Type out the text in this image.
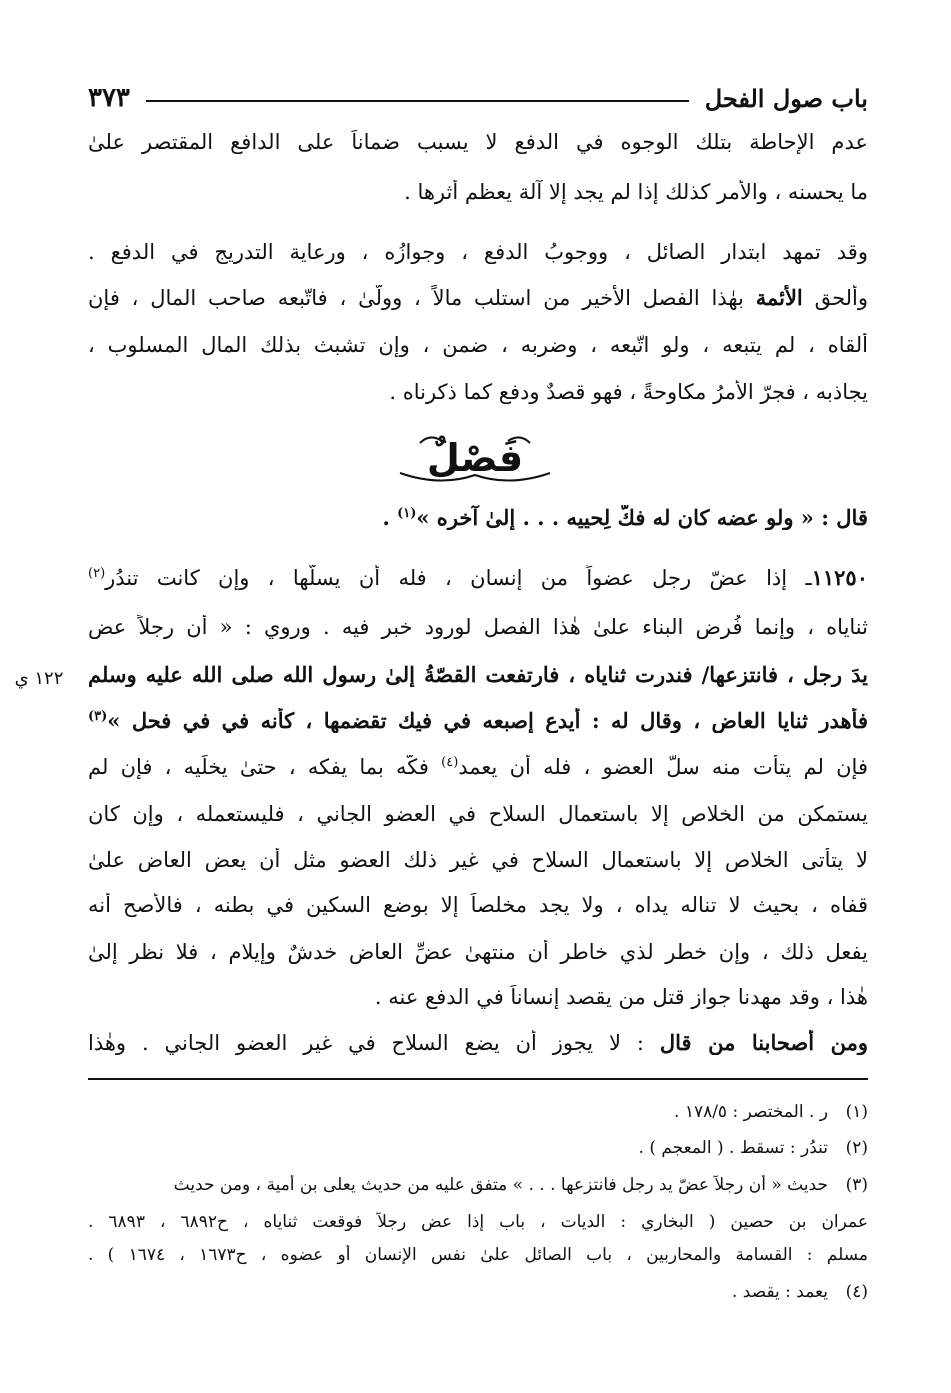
باب صول الفحل
٣٧٣
١٢٢ ي
عدم الإحاطة بتلك الوجوه في الدفع لا يسبب ضماناً على الدافع المقتصر علىٰ
ما يحسنه ، والأمر كذلك إذا لم يجد إلا آلة يعظم أثرها .
وقد تمهد ابتدار الصائل ، ووجوبُ الدفع ، وجوازُه ، ورعاية التدريج في الدفع .
وألحق الأئمة بهٰذا الفصل الأخير من استلب مالاً ، وولّىٰ ، فاتّبعه صاحب المال ، فإن
ألقاه ، لم يتبعه ، ولو اتّبعه ، وضربه ، ضمن ، وإن تشبث بذلك المال المسلوب ،
يجاذبه ، فجرّ الأمرُ مكاوحةً ، فهو قصدٌ ودفع كما ذكرناه .
فَصْلٌ
قال : « ولو عضه كان له فكُّ لِحييه . . . إلىٰ آخره »$^{(١)}$ .
١١٢٥٠ـ إذا عضّ رجل عضواً من إنسان ، فله أن يسلّها ، وإن كانت تندُر$^{(٢)}$
ثناياه ، وإنما فُرض البناء علىٰ هٰذا الفصل لورود خبرٍ فيه . وروي : « أن رجلاً عض
يدَ رجل ، فانتزعها/ فندرت ثناياه ، فارتفعت القصّةُ إلىٰ رسول الله صلى الله عليه وسلم
فأهدر ثنايا العاض ، وقال له : أيدع إصبعه في فيك تقضمها ، كأنه في في فحل »$^{(٣)}$
فإن لم يتأت منه سلُّ العضو ، فله أن يعمد$^{(٤)}$ فكَّه بما يفكه ، حتىٰ يخلِّيه ، فإن لم
يستمكن من الخلاص إلا باستعمال السلاح في العضو الجاني ، فليستعمله ، وإن كان
لا يتأتى الخلاص إلا باستعمال السلاح في غير ذلك العضو مثل أن يعض العاض علىٰ
قفاه ، بحيث لا تناله يداه ، ولا يجد مخلصاً إلا بوضع السكين في بطنه ، فالأصح أنه
يفعل ذلك ، وإن خطر لذي خاطر أن منتهىٰ عضِّ العاض خدشٌ وإيلام ، فلا نظر إلىٰ
هٰذا ، وقد مهدنا جواز قتل من يقصد إنساناً في الدفع عنه .
ومن أصحابنا من قال : لا يجوز أن يضع السلاح في غير العضو الجاني . وهٰذا
(١)
ر . المختصر : ١٧٨/٥ .
(٢)
تندُر : تسقط . ( المعجم ) .
(٣)
حديث « أن رجلاً عضّ يد رجل فانتزعها . . . » متفق عليه من حديث يعلى بن أمية ، ومن حديث
عمران بن حصين ( البخاري : الديات ، باب إذا عض رجلاً فوقعت ثناياه ، ح٦٨٩٢ ، ٦٨٩٣ .
مسلم : القسامة والمحاربين ، باب الصائل علىٰ نفس الإنسان أو عضوه ، ح١٦٧٣ ، ١٦٧٤ ) .
(٤)
يعمد : يقصد .
